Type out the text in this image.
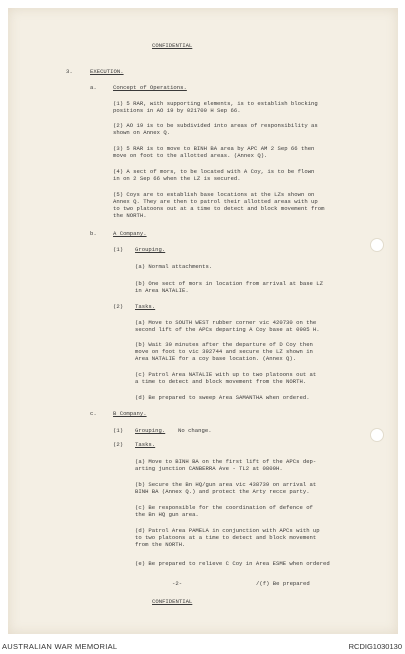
CONFIDENTIAL
3.	EXECUTION.
a.	Concept of Operations.
(1) 5 RAR, with supporting elements, is to establish blocking
positions in AO 19 by 021700 H Sep 66.
(2) AO 19 is to be subdivided into areas of responsibility as
shown on Annex Q.
(3) 5 RAR is to move to BINH BA area by APC AM 2 Sep 66 then
move on foot to the allotted areas. (Annex Q).
(4) A sect of mors, to be located with A Coy, is to be flown
in on 2 Sep 66 when the LZ is secured.
(5) Coys are to establish base locations at the LZs shown on
Annex Q. They are then to patrol their allotted areas with up
to two platoons out at a time to detect and block movement from
the NORTH.
b.	A Company.
(1) Grouping.
(a) Normal attachments.
(b) One sect of mors in location from arrival at base LZ
in Area NATALIE.
(2) Tasks.
(a) Move to SOUTH WEST rubber corner vic 420730 on the
second lift of the APCs departing A Coy base at 0905 H.
(b) Wait 30 minutes after the departure of D Coy then
move on foot to vic 392744 and secure the LZ shown in
Area NATALIE for a coy base location. (Annex Q).
(c) Patrol Area NATALIE with up to two platoons out at
a time to detect and block movement from the NORTH.
(d) Be prepared to sweep Area SAMANTHA when ordered.
c.	B Company.
(1) Grouping. No change.
(2) Tasks.
(a) Move to BINH BA on the first lift of the APCs dep-
arting junction CANBERRA Ave - TL2 at 0800H.
(b) Secure the Bn HQ/gun area vic 438739 on arrival at
BINH BA (Annex Q.) and protect the Arty recce party.
(c) Be responsible for the coordination of defence of
the Bn HQ gun area.
(d) Patrol Area PAMELA in conjunction with APCs with up
to two platoons at a time to detect and block movement
from the NORTH.
(e) Be prepared to relieve C Coy in Area ESME when ordered
-2-	/(f) Be prepared
CONFIDENTIAL
AUSTRALIAN WAR MEMORIAL	RCDIG1030130
